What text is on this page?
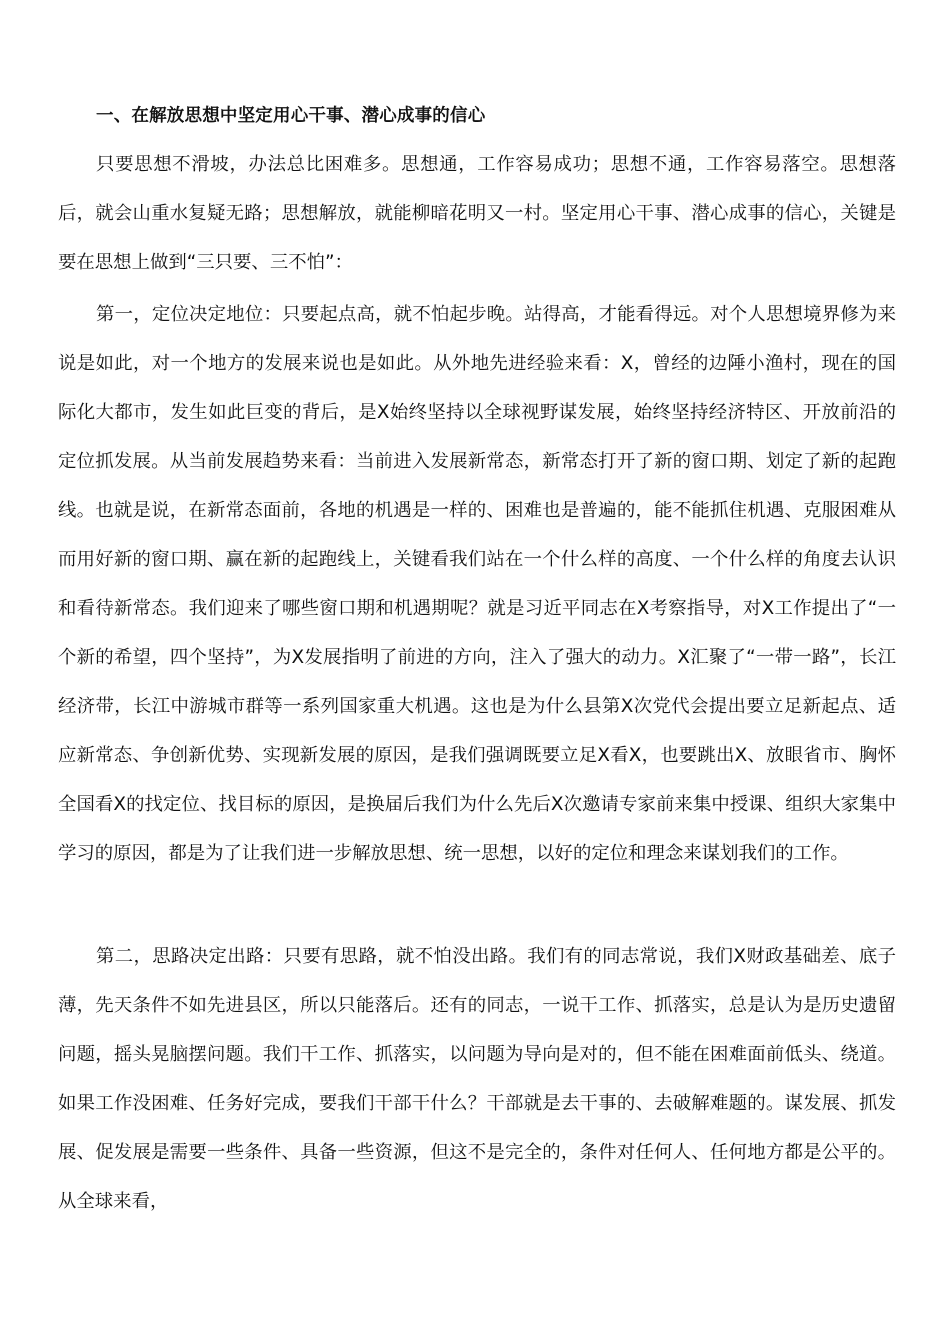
一、在解放思想中坚定用心干事、潜心成事的信心

只要思想不滑坡，办法总比困难多。思想通，工作容易成功；思想不通，工作容易落空。思想落后，就会山重水复疑无路；思想解放，就能柳暗花明又一村。坚定用心干事、潜心成事的信心，关键是要在思想上做到“三只要、三不怕”：

第一，定位决定地位：只要起点高，就不怕起步晚。站得高，才能看得远。对个人思想境界修为来说是如此，对一个地方的发展来说也是如此。从外地先进经验来看：X，曾经的边陲小渔村，现在的国际化大都市，发生如此巨变的背后，是X始终坚持以全球视野谋发展，始终坚持经济特区、开放前沿的定位抓发展。从当前发展趋势来看：当前进入发展新常态，新常态打开了新的窗口期、划定了新的起跑线。也就是说，在新常态面前，各地的机遇是一样的、困难也是普遍的，能不能抓住机遇、克服困难从而用好新的窗口期、赢在新的起跑线上，关键看我们站在一个什么样的高度、一个什么样的角度去认识和看待新常态。我们迎来了哪些窗口期和机遇期呢？就是习近平同志在X考察指导，对X工作提出了“一个新的希望，四个坚持”，为X发展指明了前进的方向，注入了强大的动力。X汇聚了“一带一路”，长江经济带，长江中游城市群等一系列国家重大机遇。这也是为什么县第X次党代会提出要立足新起点、适应新常态、争创新优势、实现新发展的原因，是我们强调既要立足X看X，也要跳出X、放眼省市、胸怀全国看X的找定位、找目标的原因，是换届后我们为什么先后X次邀请专家前来集中授课、组织大家集中学习的原因，都是为了让我们进一步解放思想、统一思想，以好的定位和理念来谋划我们的工作。

第二，思路决定出路：只要有思路，就不怕没出路。我们有的同志常说，我们X财政基础差、底子薄，先天条件不如先进县区，所以只能落后。还有的同志，一说干工作、抓落实，总是认为是历史遗留问题，摇头晃脑摆问题。我们干工作、抓落实，以问题为导向是对的，但不能在困难面前低头、绕道。如果工作没困难、任务好完成，要我们干部干什么？干部就是去干事的、去破解难题的。谋发展、抓发展、促发展是需要一些条件、具备一些资源，但这不是完全的，条件对任何人、任何地方都是公平的。从全球来看，
